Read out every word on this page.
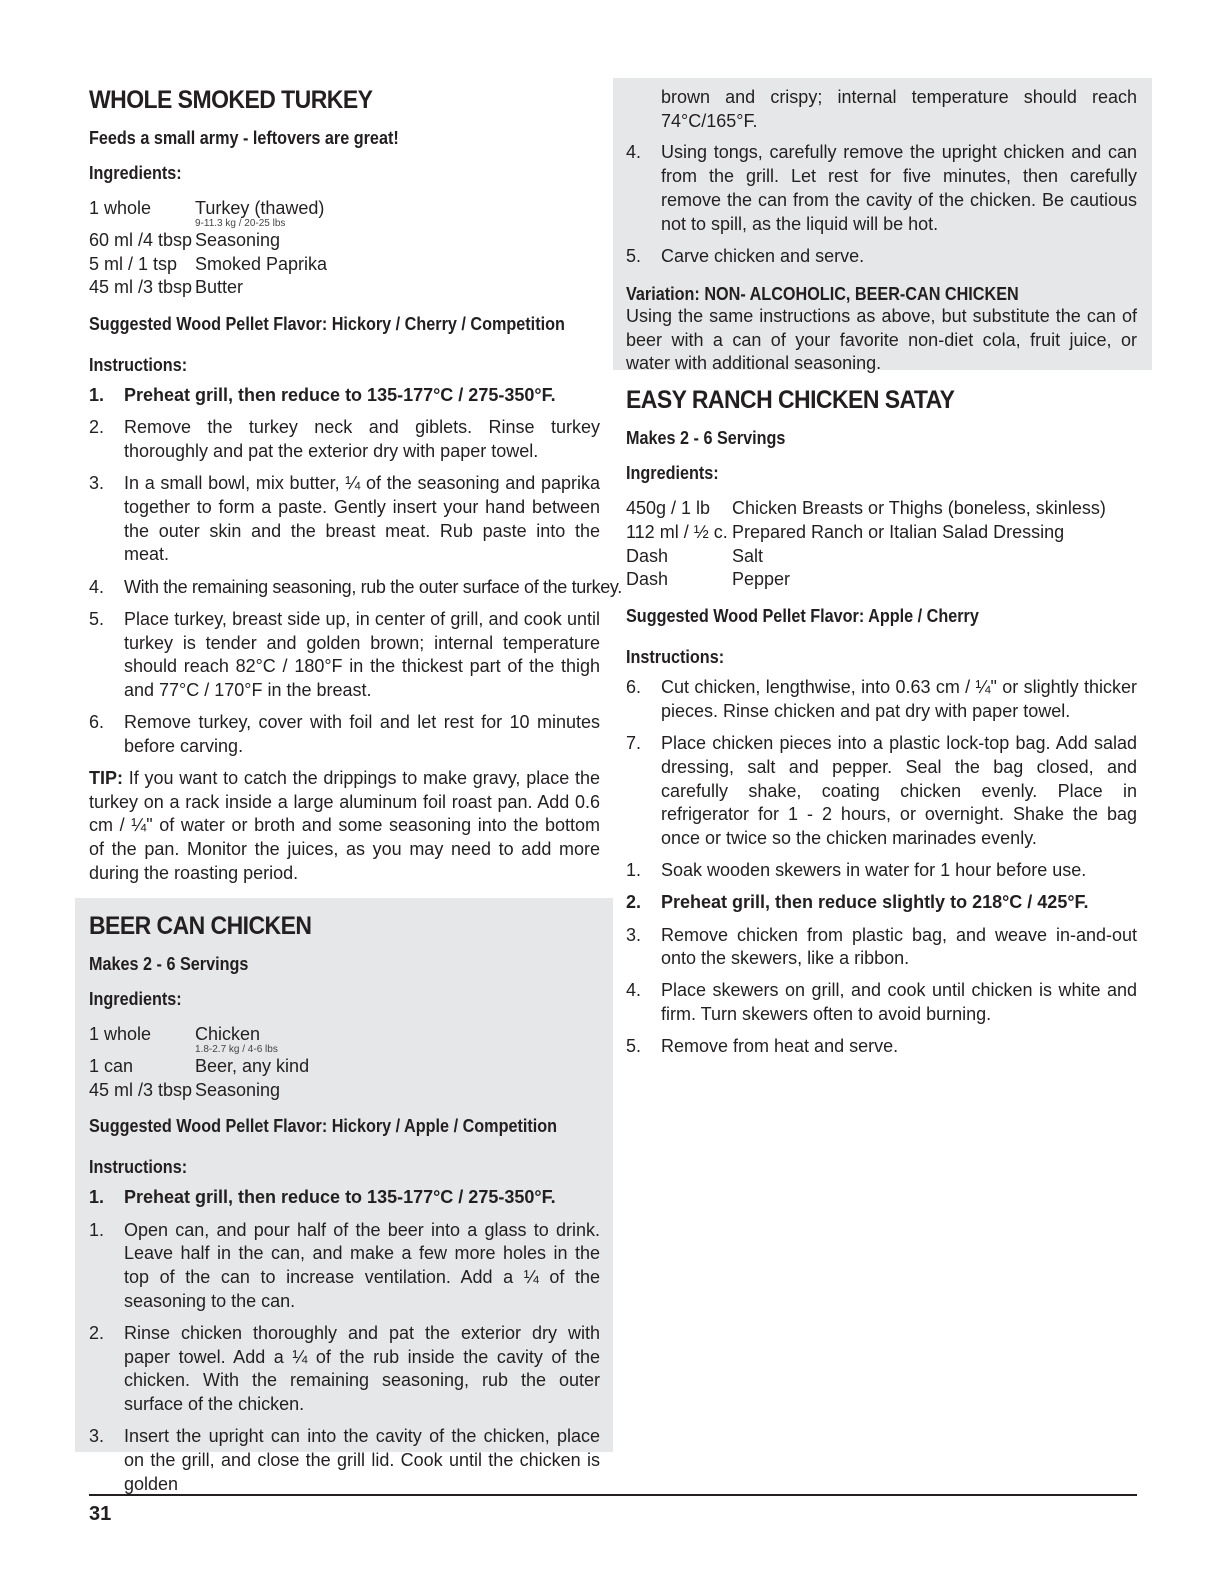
WHOLE SMOKED TURKEY
Feeds a small army - leftovers are great!
Ingredients:
1 whole	Turkey (thawed)
9-11.3 kg / 20-25 lbs
60 ml /4 tbsp Seasoning
5 ml / 1 tsp Smoked Paprika
45 ml /3 tbsp Butter
Suggested Wood Pellet Flavor: Hickory / Cherry / Competition
Instructions:
1.	Preheat grill, then reduce to 135-177°C / 275-350°F.
2.	Remove the turkey neck and giblets. Rinse turkey thoroughly and pat the exterior dry with paper towel.
3.	In a small bowl, mix butter, ¼ of the seasoning and paprika together to form a paste. Gently insert your hand between the outer skin and the breast meat. Rub paste into the meat.
4.	With the remaining seasoning, rub the outer surface of the turkey.
5.	Place turkey, breast side up, in center of grill, and cook until turkey is tender and golden brown; internal temperature should reach 82°C / 180°F in the thickest part of the thigh and 77°C / 170°F in the breast.
6.	Remove turkey, cover with foil and let rest for 10 minutes before carving.

TIP: If you want to catch the drippings to make gravy, place the turkey on a rack inside a large aluminum foil roast pan. Add 0.6 cm / ¼" of water or broth and some seasoning into the bottom of the pan. Monitor the juices, as you may need to add more during the roasting period.

BEER CAN CHICKEN
Makes 2 - 6 Servings
Ingredients:
1 whole	Chicken
1.8-2.7 kg / 4-6 lbs
1 can	Beer, any kind
45 ml /3 tbsp Seasoning
Suggested Wood Pellet Flavor: Hickory / Apple / Competition
Instructions:
1.	Preheat grill, then reduce to 135-177°C / 275-350°F.
1.	Open can, and pour half of the beer into a glass to drink. Leave half in the can, and make a few more holes in the top of the can to increase ventilation. Add a ¼ of the seasoning to the can.
2.	Rinse chicken thoroughly and pat the exterior dry with paper towel. Add a ¼ of the rub inside the cavity of the chicken. With the remaining seasoning, rub the outer surface of the chicken.
3.	Insert the upright can into the cavity of the chicken, place on the grill, and close the grill lid. Cook until the chicken is golden

brown and crispy; internal temperature should reach 74°C/165°F.

4.	Using tongs, carefully remove the upright chicken and can from the grill. Let rest for five minutes, then carefully remove the can from the cavity of the chicken. Be cautious not to spill, as the liquid will be hot.
5.	Carve chicken and serve.
Variation: NON- ALCOHOLIC, BEER-CAN CHICKEN

Using the same instructions as above, but substitute the can of beer with a can of your favorite non-diet cola, fruit juice, or water with additional seasoning.

EASY RANCH CHICKEN SATAY
Makes 2 - 6 Servings
Ingredients:
450g / 1 lb	Chicken Breasts or Thighs (boneless, skinless)
112 ml / ½ c. Prepared Ranch or Italian Salad Dressing
Dash	Salt
Dash	Pepper
Suggested Wood Pellet Flavor: Apple / Cherry
Instructions:
6.	Cut chicken, lengthwise, into 0.63 cm / ¼" or slightly thicker pieces. Rinse chicken and pat dry with paper towel.
7.	Place chicken pieces into a plastic lock-top bag. Add salad dressing, salt and pepper. Seal the bag closed, and carefully shake, coating chicken evenly. Place in refrigerator for 1 - 2 hours, or overnight. Shake the bag once or twice so the chicken marinades evenly.
1.	Soak wooden skewers in water for 1 hour before use.
2.	Preheat grill, then reduce slightly to 218°C / 425°F.
3.	Remove chicken from plastic bag, and weave in-and-out onto the skewers, like a ribbon.
4.	Place skewers on grill, and cook until chicken is white and firm. Turn skewers often to avoid burning.
5.	Remove from heat and serve.
31
